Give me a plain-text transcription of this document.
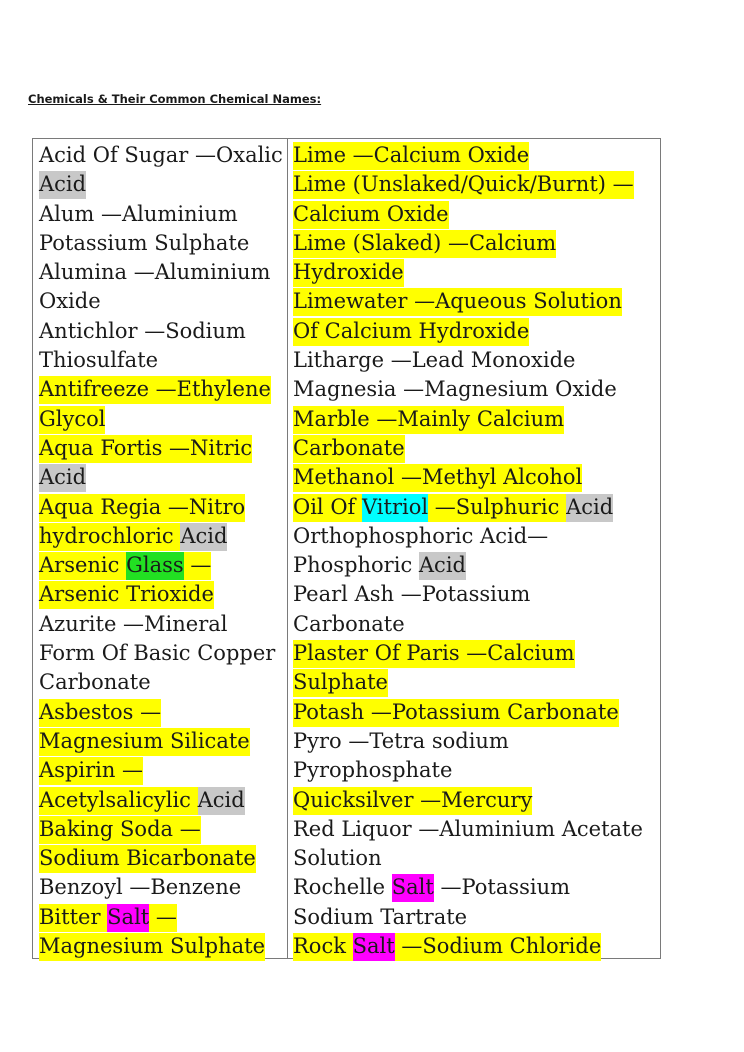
Chemicals & Their Common Chemical Names:
Acid Of Sugar —Oxalic
Acid
Alum —Aluminium
Potassium Sulphate
Alumina —Aluminium
Oxide
Antichlor —Sodium
Thiosulfate
Antifreeze —Ethylene
Glycol
Aqua Fortis —Nitric
Acid
Aqua Regia —Nitro
hydrochloric Acid
Arsenic Glass —
Arsenic Trioxide
Azurite —Mineral
Form Of Basic Copper
Carbonate
Asbestos —
Magnesium Silicate
Aspirin —
Acetylsalicylic Acid
Baking Soda —
Sodium Bicarbonate
Benzoyl —Benzene
Bitter Salt —
Magnesium Sulphate
Lime —Calcium Oxide
Lime (Unslaked/Quick/Burnt) —
Calcium Oxide
Lime (Slaked) —Calcium
Hydroxide
Limewater —Aqueous Solution
Of Calcium Hydroxide
Litharge —Lead Monoxide
Magnesia —Magnesium Oxide
Marble —Mainly Calcium
Carbonate
Methanol —Methyl Alcohol
Oil Of Vitriol —Sulphuric Acid
Orthophosphoric Acid—
Phosphoric Acid
Pearl Ash —Potassium
Carbonate
Plaster Of Paris —Calcium
Sulphate
Potash —Potassium Carbonate
Pyro —Tetra sodium
Pyrophosphate
Quicksilver —Mercury
Red Liquor —Aluminium Acetate
Solution
Rochelle Salt —Potassium
Sodium Tartrate
Rock Salt —Sodium Chloride
